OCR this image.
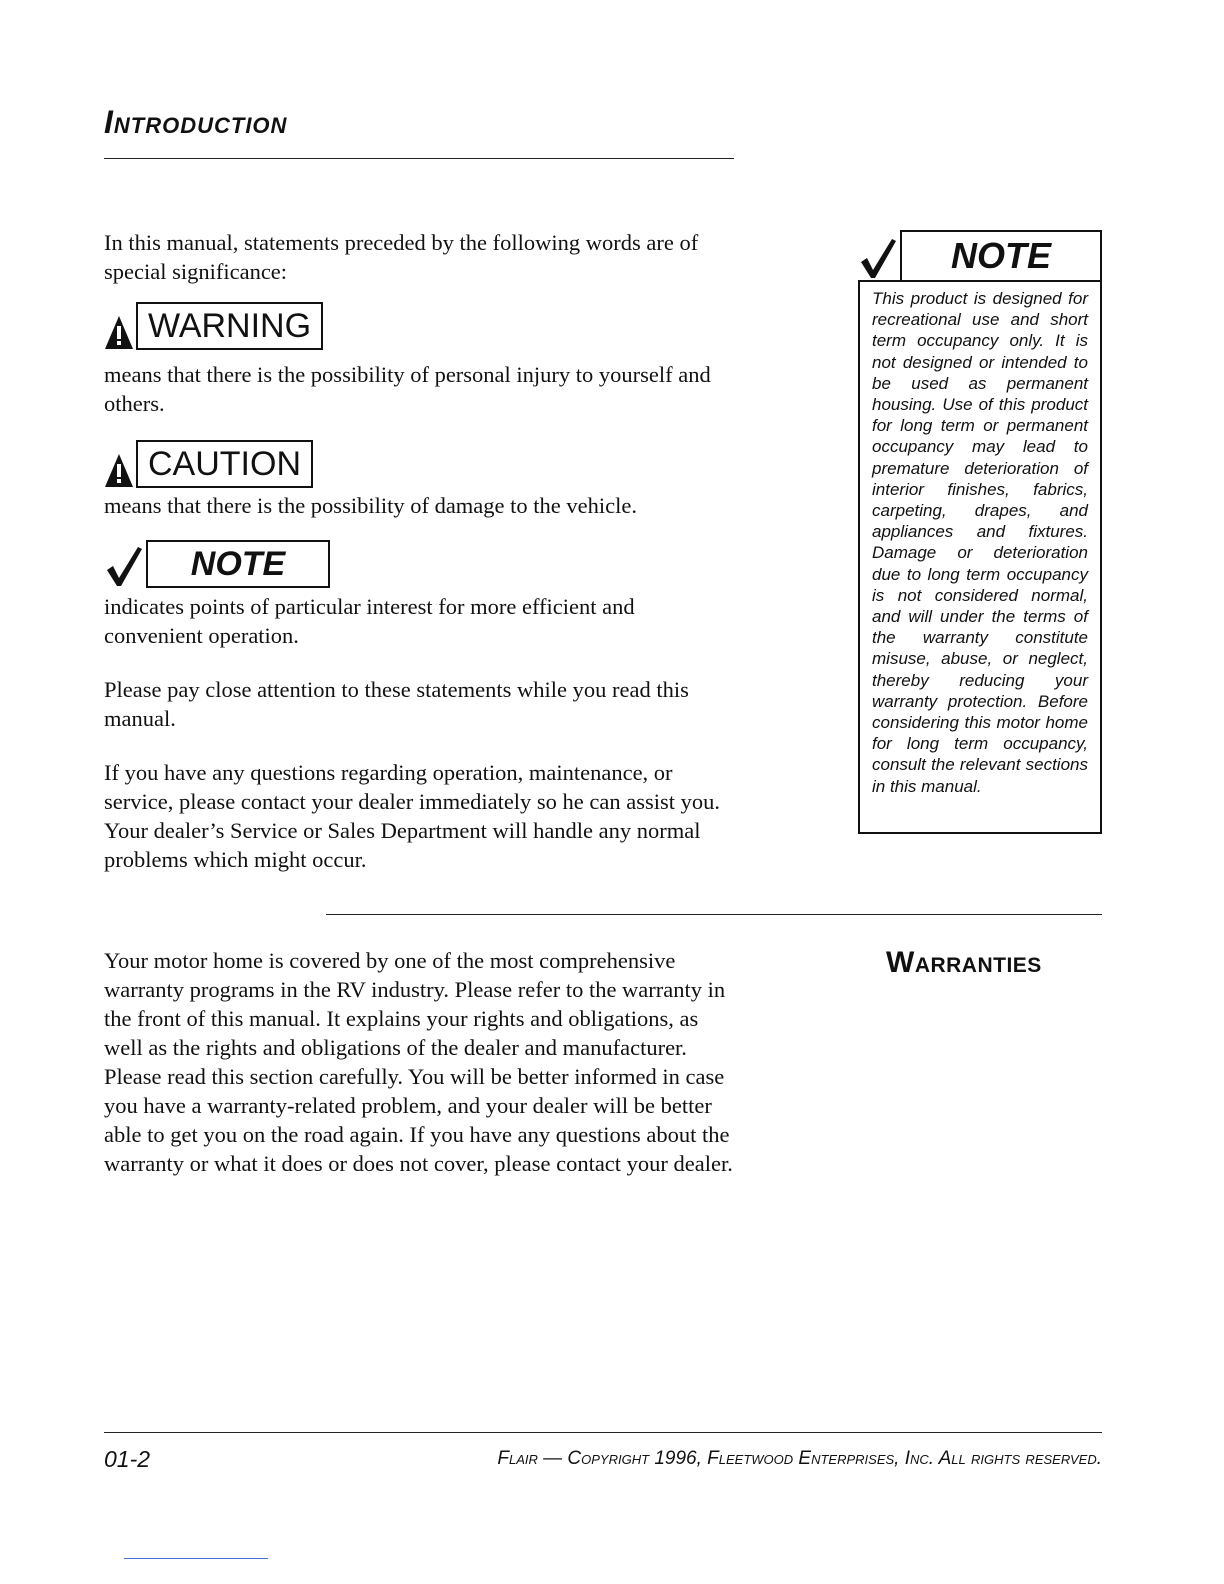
Introduction
In this manual, statements preceded by the following words are of special significance:
WARNING
means that there is the possibility of personal injury to yourself and others.
CAUTION
means that there is the possibility of damage to the vehicle.
NOTE
indicates points of particular interest for more efficient and convenient operation.
Please pay close attention to these statements while you read this manual.
If you have any questions regarding operation, maintenance, or service, please contact your dealer immediately so he can assist you. Your dealer’s Service or Sales Department will handle any normal problems which might occur.
NOTE
This product is designed for recreational use and short term occupancy only. It is not designed or intended to be used as permanent housing. Use of this product for long term or permanent occupancy may lead to premature deterioration of interior finishes, fabrics, carpeting, drapes, and appliances and fixtures. Damage or deterioration due to long term occupancy is not considered normal, and will under the terms of the warranty constitute misuse, abuse, or neglect, thereby reducing your warranty protection. Before considering this motor home for long term occupancy, consult the relevant sections in this manual.
Your motor home is covered by one of the most comprehensive warranty programs in the RV industry. Please refer to the warranty in the front of this manual. It explains your rights and obligations, as well as the rights and obligations of the dealer and manufacturer. Please read this section carefully. You will be better informed in case you have a warranty-related problem, and your dealer will be better able to get you on the road again. If you have any questions about the warranty or what it does or does not cover, please contact your dealer.
Warranties
01-2	Flair — Copyright 1996, Fleetwood Enterprises, Inc. All rights reserved.
